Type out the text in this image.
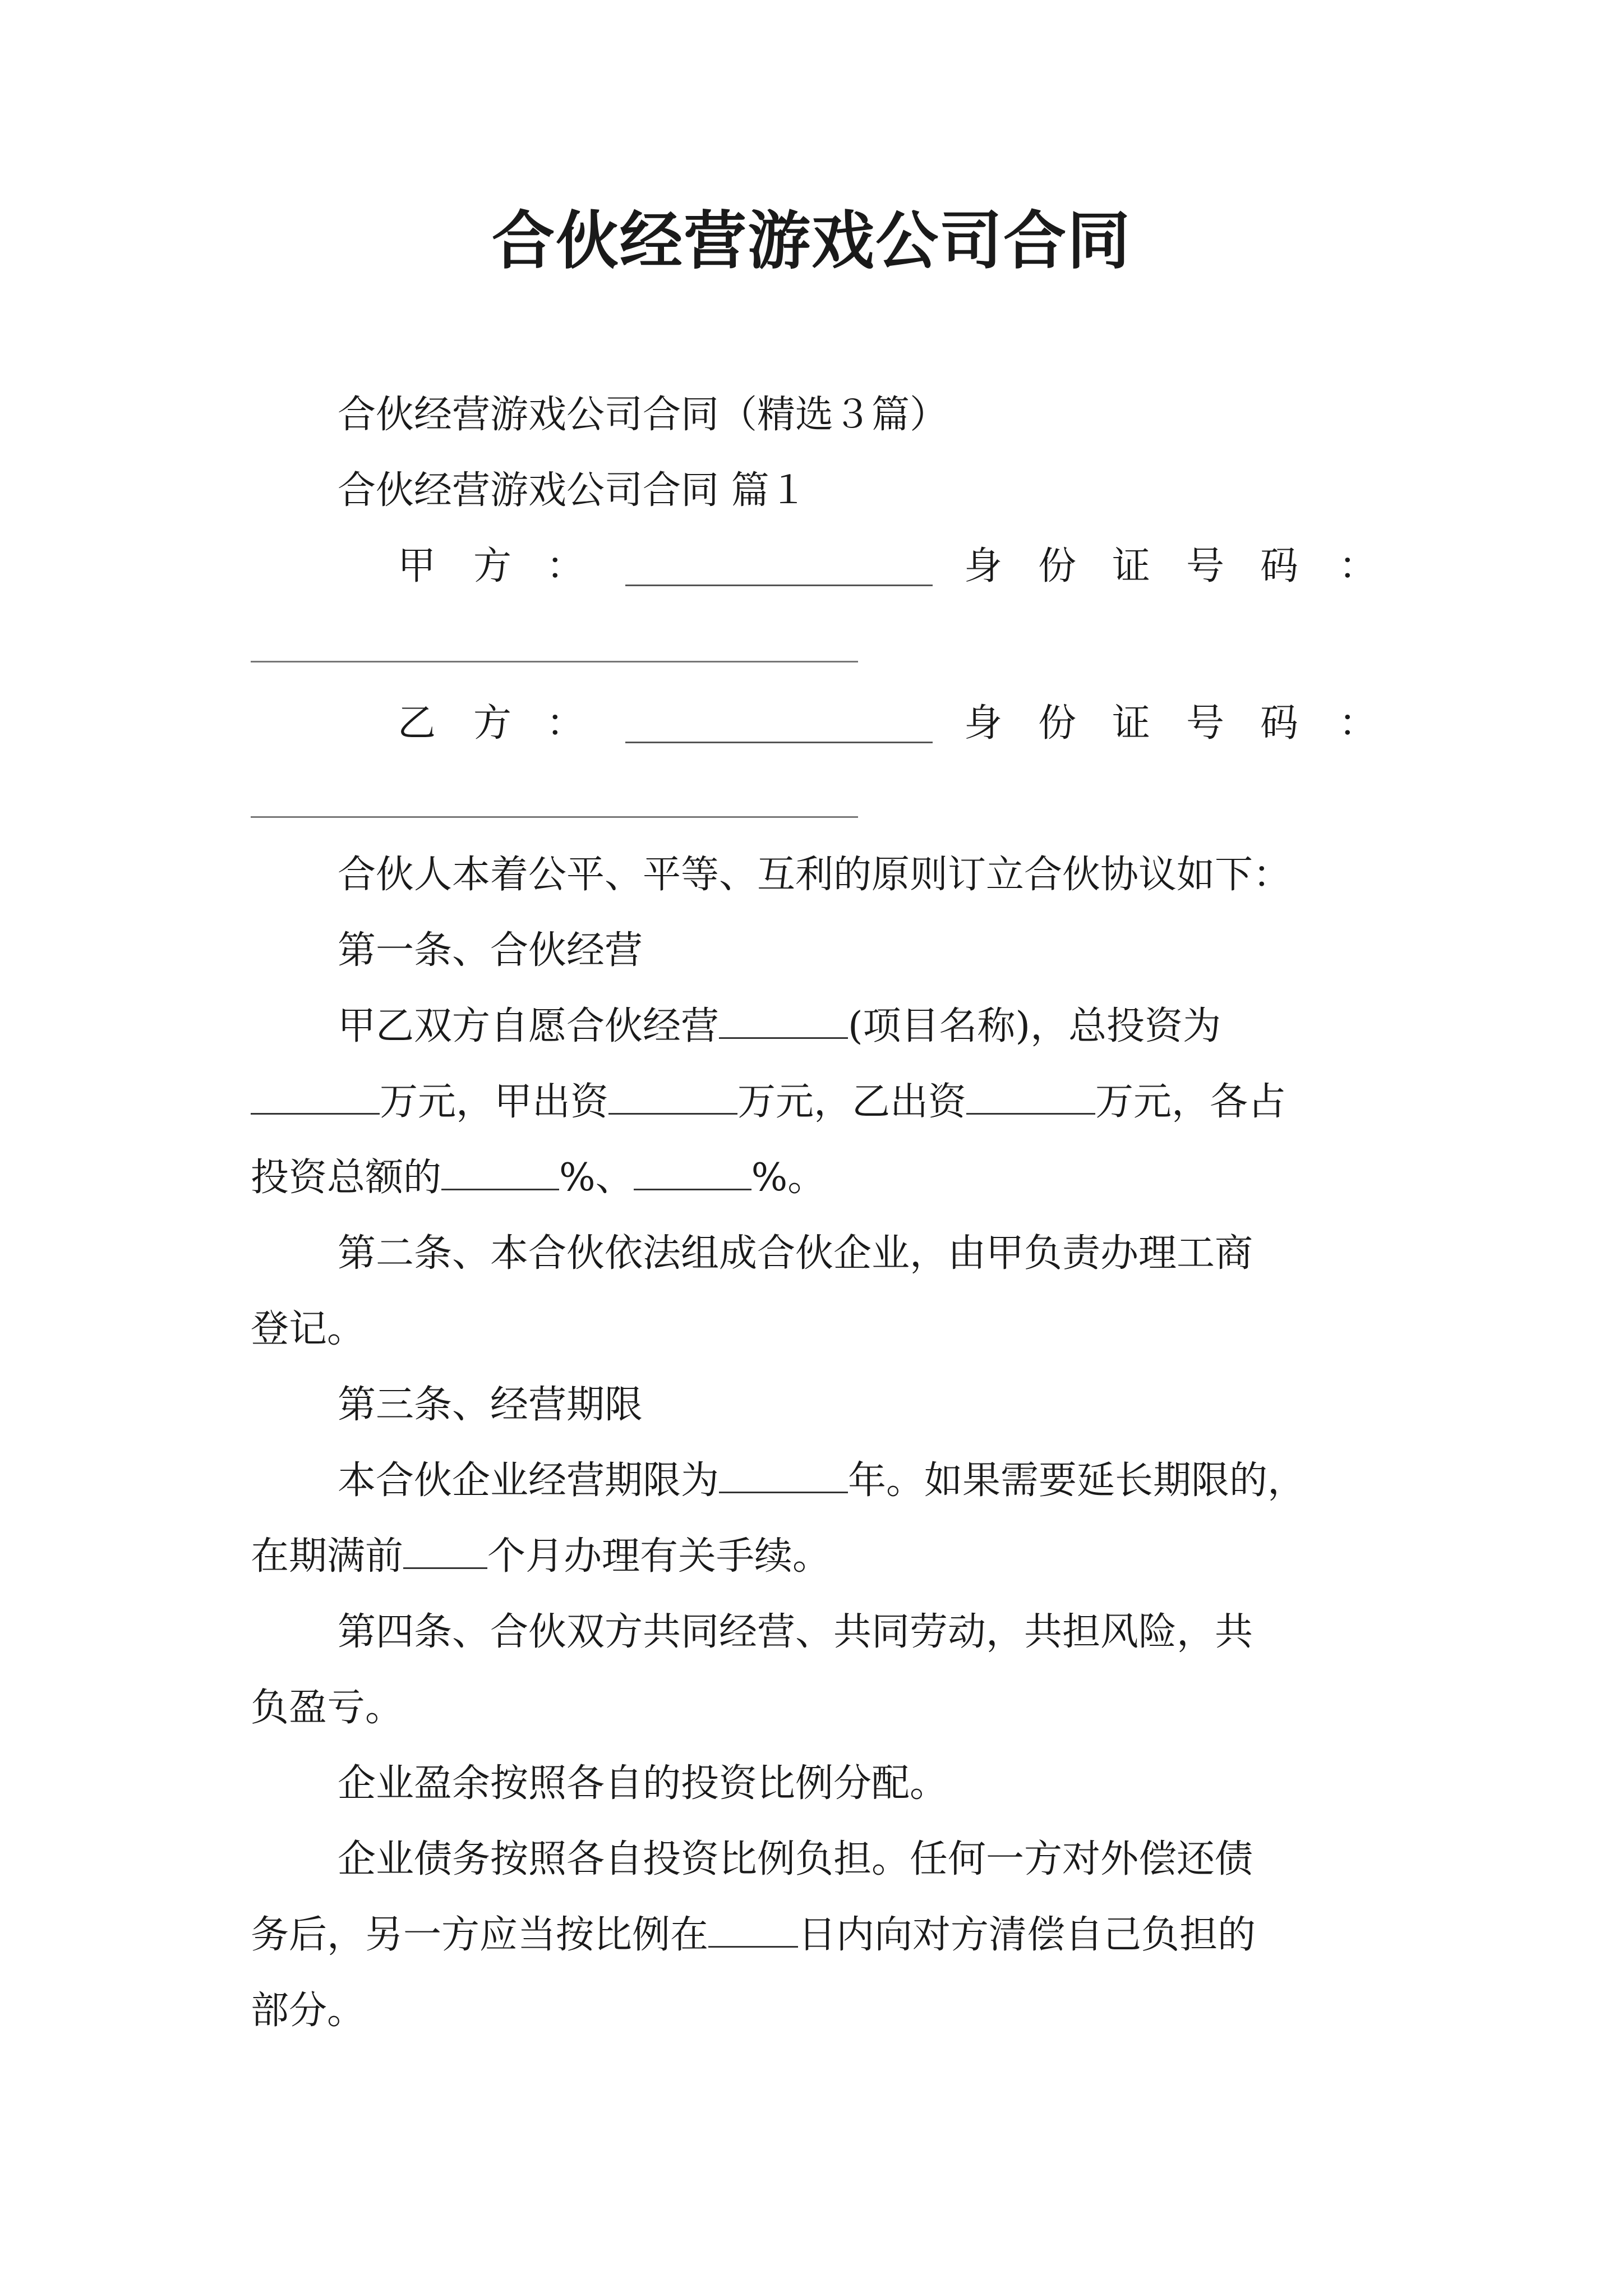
合伙经营游戏公司合同
合伙经营游戏公司合同（精选３篇）
合伙经营游戏公司合同 篇１
甲 方 ：	身 份 证 号 码 ：
乙 方 ：	身 份 证 号 码 ：
合伙人本着公平、平等、互利的原则订立合伙协议如下：
第一条、合伙经营
甲乙双方自愿合伙经营	(项目名称)，总投资为
万元，甲出资	万元，乙出资	万元，各占
投资总额的	%、	%。
第二条、本合伙依法组成合伙企业，由甲负责办理工商
登记。
第三条、经营期限
本合伙企业经营期限为	年。如果需要延长期限的，
在期满前 个月办理有关手续。
第四条、合伙双方共同经营、共同劳动，共担风险，共
负盈亏。
企业盈余按照各自的投资比例分配。
企业债务按照各自投资比例负担。任何一方对外偿还债
务后，另一方应当按比例在 日内向对方清偿自己负担的
部分。
